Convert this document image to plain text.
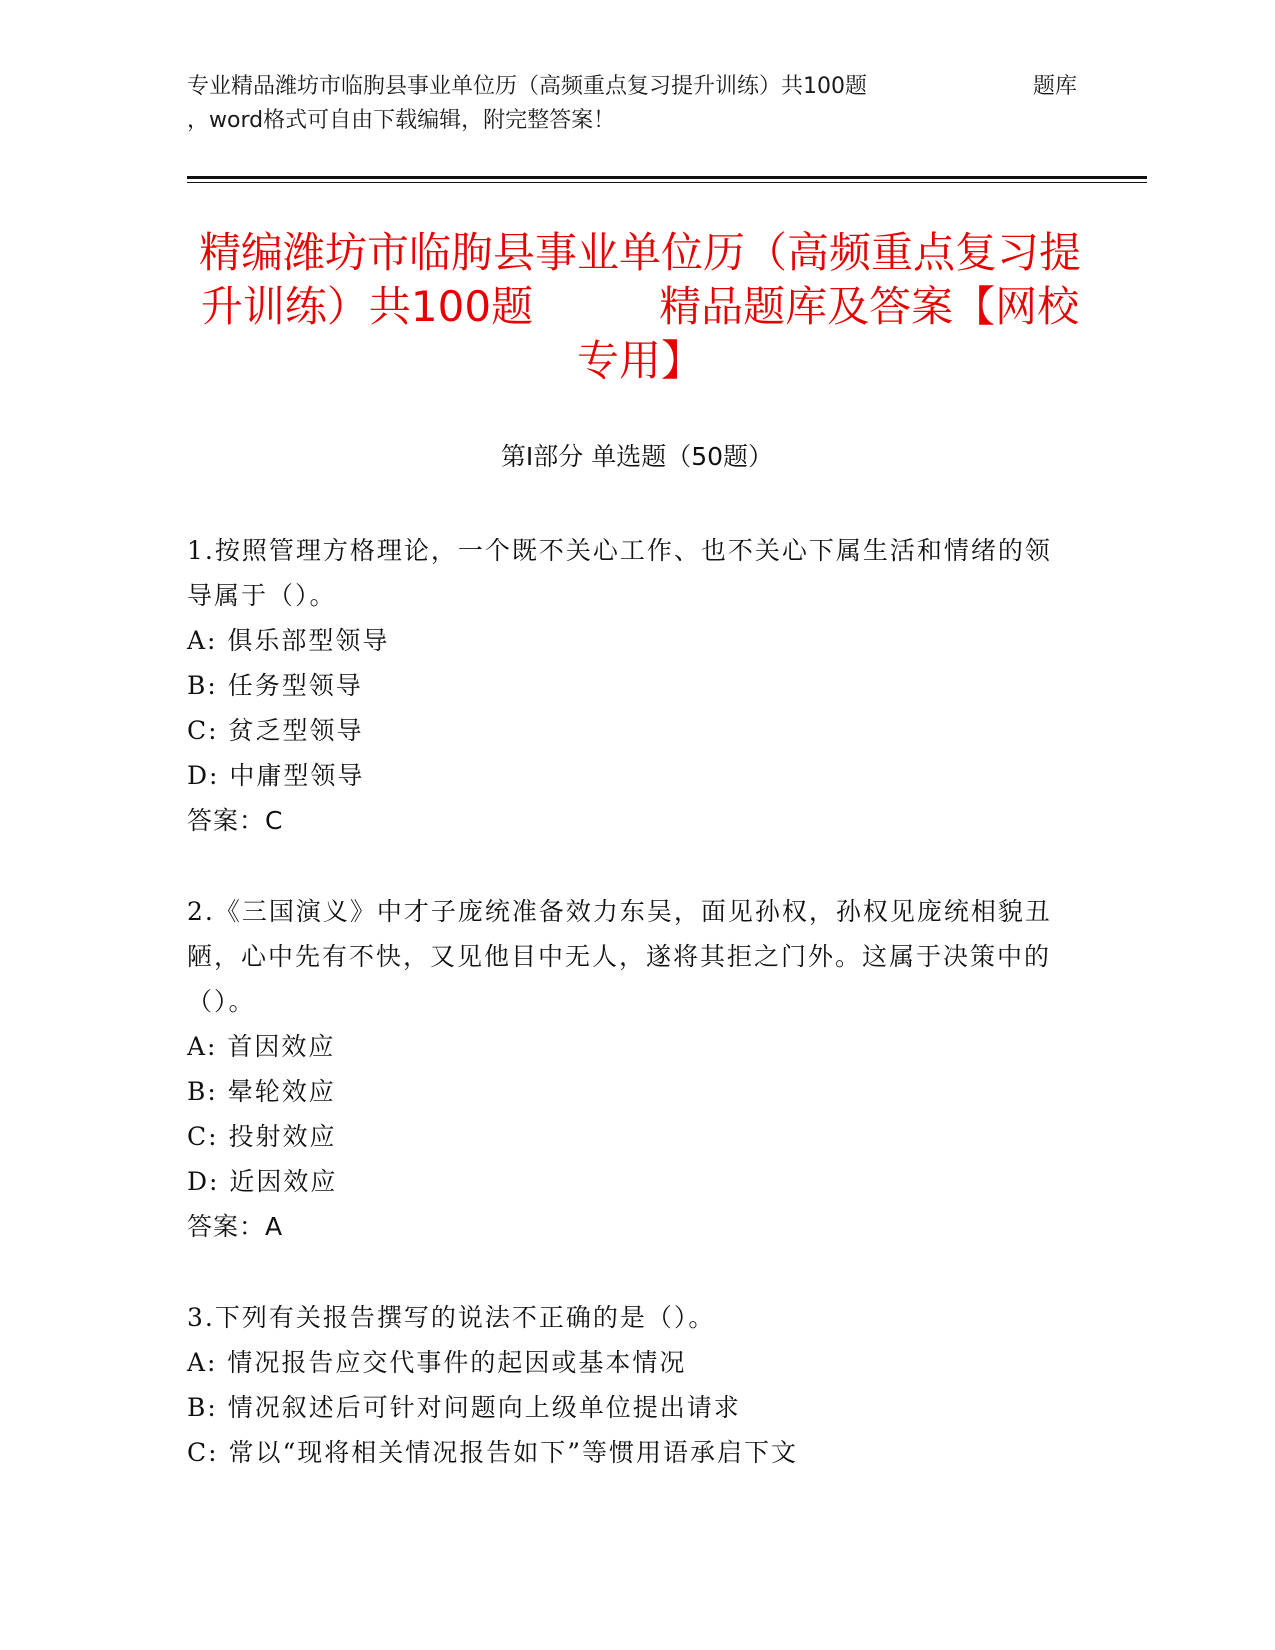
专业精品潍坊市临朐县事业单位历（高频重点复习提升训练）共100题	题库
，word格式可自由下载编辑，附完整答案！
精编潍坊市临朐县事业单位历（高频重点复习提升训练）共100题　　　精品题库及答案【网校专用】
第Ⅰ部分 单选题（50题）

1.按照管理方格理论，一个既不关心工作、也不关心下属生活和情绪的领导属于（）。

A: 俱乐部型领导
B: 任务型领导
C: 贫乏型领导
D: 中庸型领导
答案：C

2.《三国演义》中才子庞统准备效力东吴，面见孙权，孙权见庞统相貌丑陋，心中先有不快，又见他目中无人，遂将其拒之门外。这属于决策中的（）。

A: 首因效应
B: 晕轮效应
C: 投射效应
D: 近因效应
答案：A

3.下列有关报告撰写的说法不正确的是（）。

A: 情况报告应交代事件的起因或基本情况
B: 情况叙述后可针对问题向上级单位提出请求
C: 常以“现将相关情况报告如下”等惯用语承启下文
